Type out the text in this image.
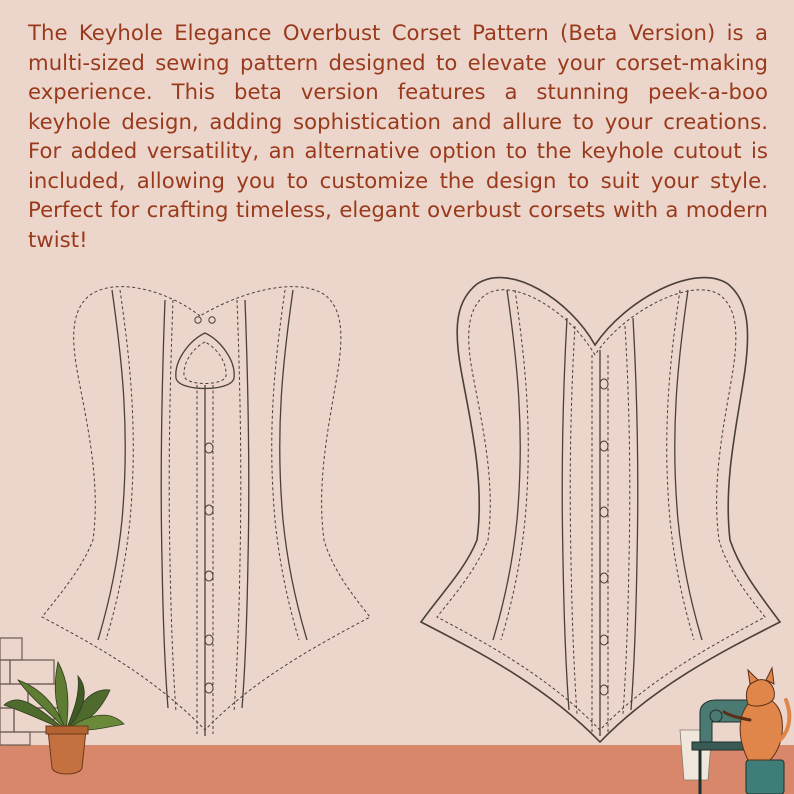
The Keyhole Elegance Overbust Corset Pattern (Beta Version) is a multi-sized sewing pattern designed to elevate your corset-making experience. This beta version features a stunning peek-a-boo keyhole design, adding sophistication and allure to your creations. For added versatility, an alternative option to the keyhole cutout is included, allowing you to customize the design to suit your style. Perfect for crafting timeless, elegant overbust corsets with a modern twist!
